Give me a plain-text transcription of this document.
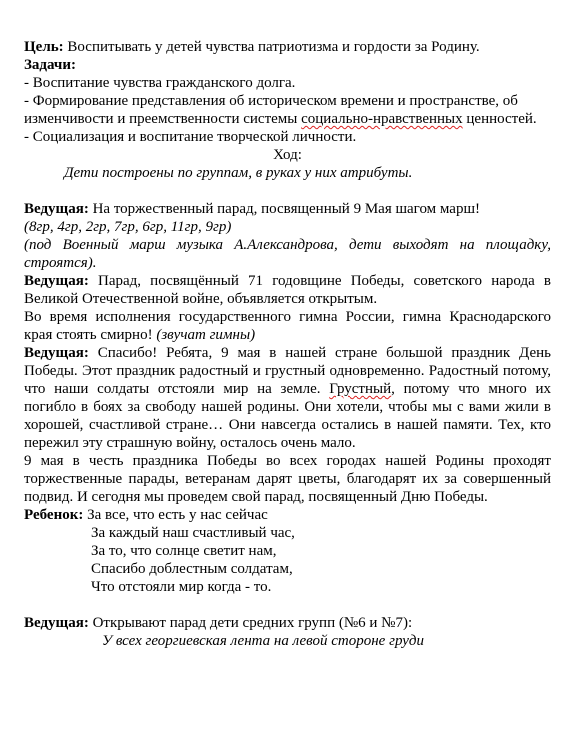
Цель: Воспитывать у детей чувства патриотизма и гордости за Родину.

Задачи:

- Воспитание чувства гражданского долга.

- Формирование представления об историческом времени и пространстве, об изменчивости и преемственности системы социально-нравственных ценностей.

- Социализация и воспитание творческой личности.

Ход:

Дети построены по группам, в руках у них атрибуты.

Ведущая: На торжественный парад, посвященный 9 Мая шагом марш!

(8гр, 4гр, 2гр, 7гр, 6гр, 11гр, 9гр)

(под Военный марш музыка А.Александрова, дети выходят на площадку, строятся).

Ведущая: Парад, посвящённый 71 годовщине Победы, советского народа в Великой Отечественной войне, объявляется открытым.

Во время исполнения государственного гимна России, гимна Краснодарского края стоять смирно! (звучат гимны)

Ведущая: Спасибо! Ребята, 9 мая в нашей стране большой праздник День Победы. Этот праздник радостный и грустный одновременно. Радостный потому, что наши солдаты отстояли мир на земле. Грустный, потому что много их погибло в боях за свободу нашей родины. Они хотели, чтобы мы с вами жили в хорошей, счастливой стране… Они навсегда остались в нашей памяти. Тех, кто пережил эту страшную войну, осталось очень мало.

9 мая в честь праздника Победы во всех городах нашей Родины проходят торжественные парады, ветеранам дарят цветы, благодарят их за совершенный подвид. И сегодня мы проведем свой парад, посвященный Дню Победы.

Ребенок: За все, что есть у нас сейчас

За каждый наш счастливый час,

За то, что солнце светит нам,

Спасибо доблестным солдатам,

Что отстояли мир когда - то.

Ведущая: Открывают парад дети средних групп (№6 и №7):

У всех георгиевская лента на левой стороне груди
